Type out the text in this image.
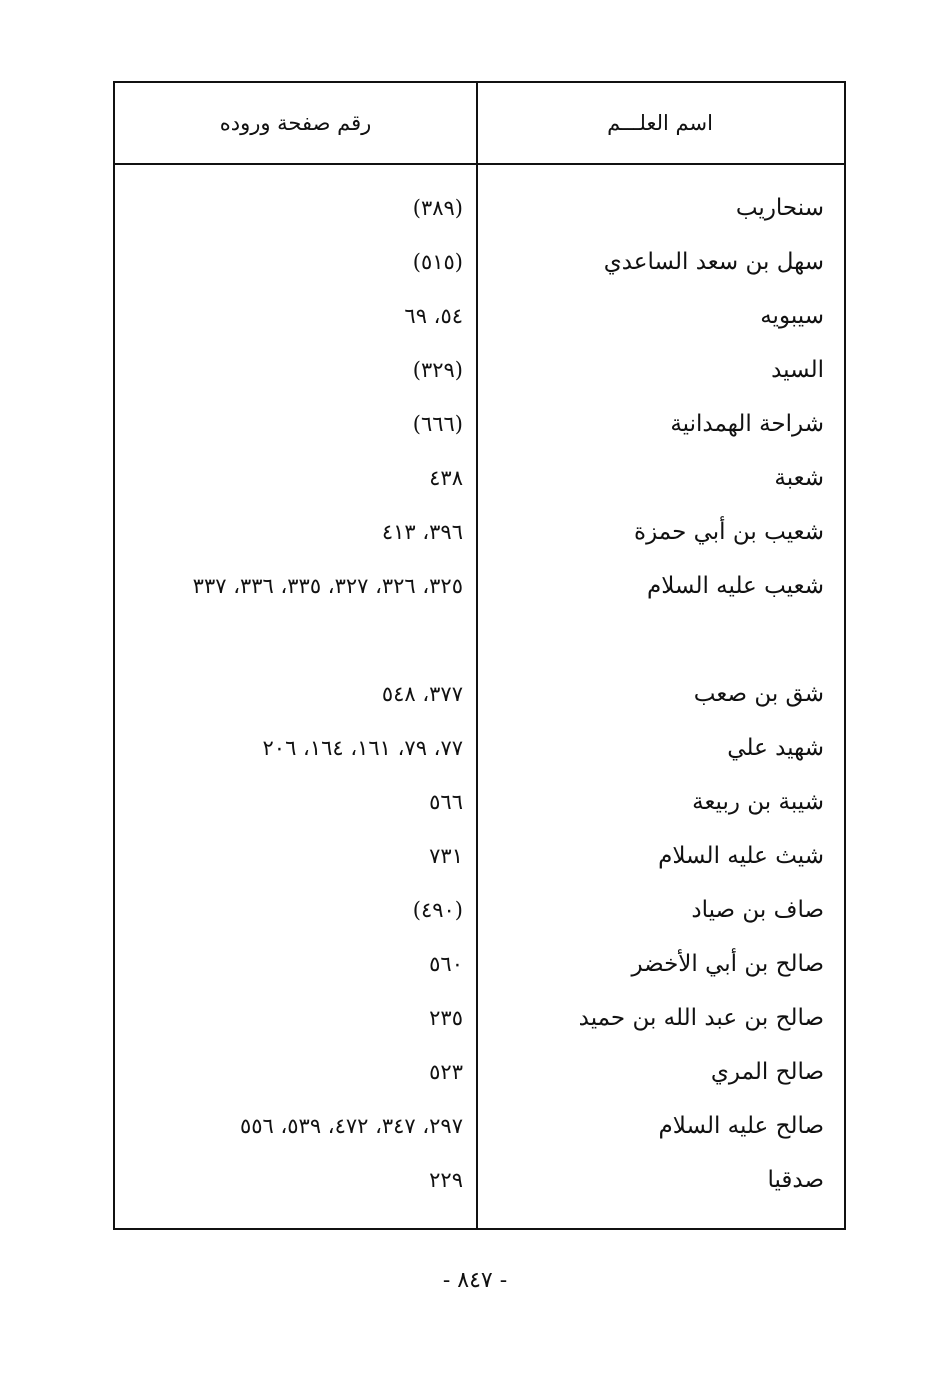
اسم العلـــم
رقم صفحة وروده
سنحاريب
(٣٨٩)
سهل بن سعد الساعدي
(٥١٥)
سيبويه
٥٤، ٦٩
السيد
(٣٢٩)
شراحة الهمدانية
(٦٦٦)
شعبة
٤٣٨
شعيب بن أبي حمزة
٣٩٦، ٤١٣
شعيب عليه السلام
٣٢٥، ٣٢٦، ٣٢٧، ٣٣٥، ٣٣٦، ٣٣٧
شق بن صعب
٣٧٧، ٥٤٨
شهيد علي
٧٧، ٧٩، ١٦١، ١٦٤، ٢٠٦
شيبة بن ربيعة
٥٦٦
شيث عليه السلام
٧٣١
صاف بن صياد
(٤٩٠)
صالح بن أبي الأخضر
٥٦٠
صالح بن عبد الله بن حميد
٢٣٥
صالح المري
٥٢٣
صالح عليه السلام
٢٩٧، ٣٤٧، ٤٧٢، ٥٣٩، ٥٥٦
صدقيا
٢٢٩
- ٨٤٧ -
